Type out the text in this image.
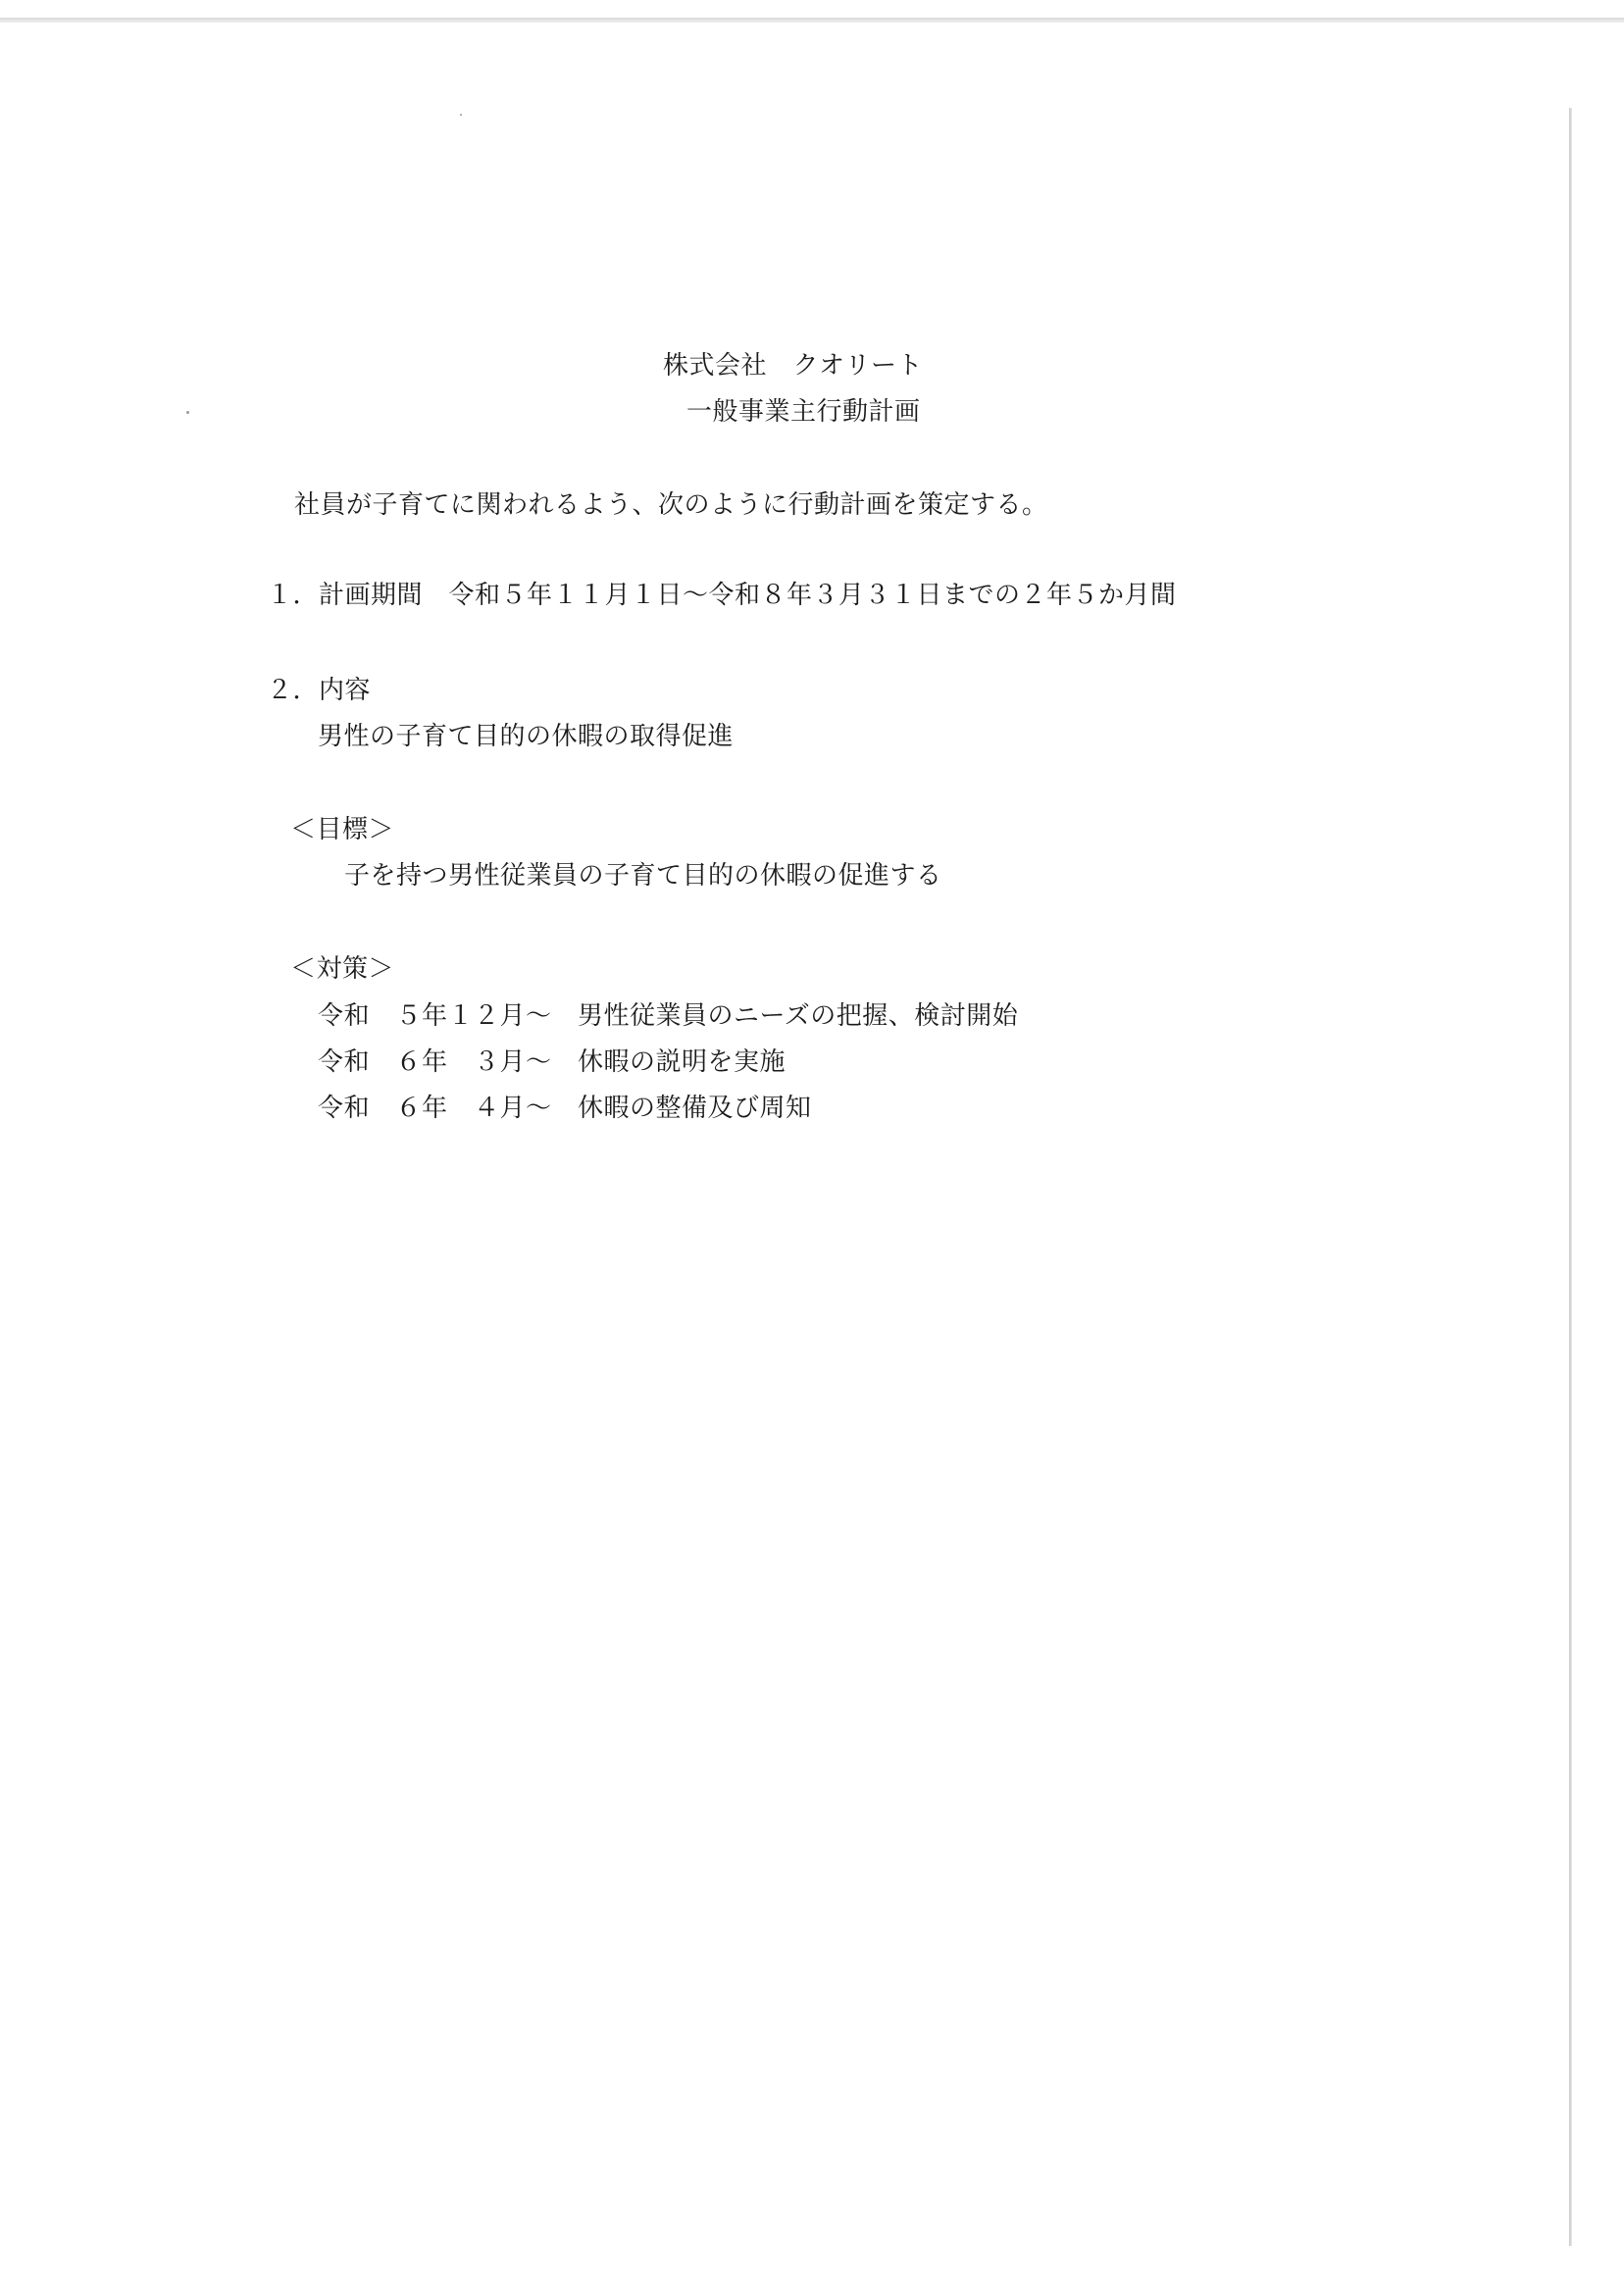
株式会社　クオリート
一般事業主行動計画
社員が子育てに関われるよう、次のように行動計画を策定する。
１．計画期間　令和５年１１月１日～令和８年３月３１日までの２年５か月間
２．内容
男性の子育て目的の休暇の取得促進
＜目標＞
子を持つ男性従業員の子育て目的の休暇の促進する
＜対策＞
令和　５年１２月～　男性従業員のニーズの把握、検討開始
令和　６年　３月～　休暇の説明を実施
令和　６年　４月～　休暇の整備及び周知
